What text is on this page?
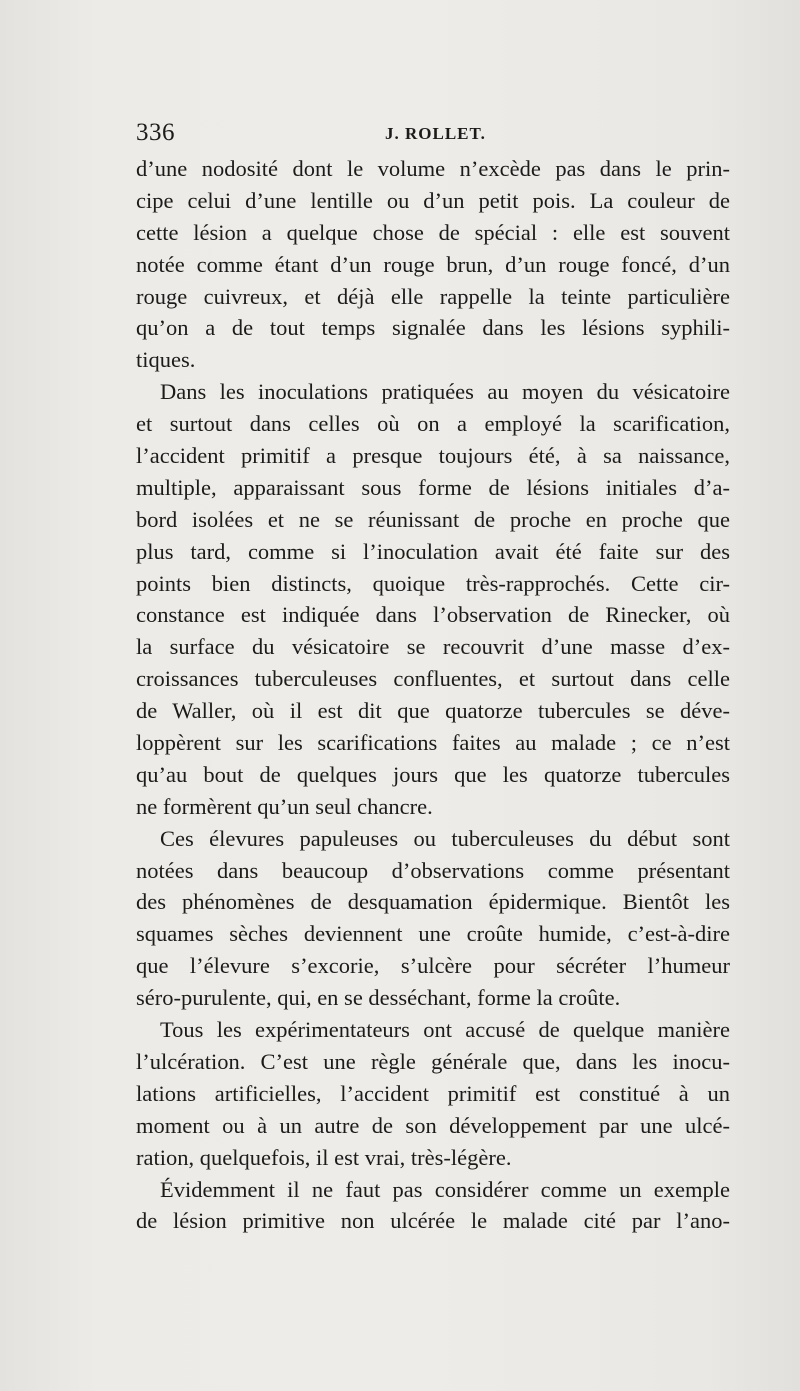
336	J. ROLLET.
d’une nodosité dont le volume n’excède pas dans le prin-
cipe celui d’une lentille ou d’un petit pois. La couleur de
cette lésion a quelque chose de spécial : elle est souvent
notée comme étant d’un rouge brun, d’un rouge foncé, d’un
rouge cuivreux, et déjà elle rappelle la teinte particulière
qu’on a de tout temps signalée dans les lésions syphili-
tiques.
Dans les inoculations pratiquées au moyen du vésicatoire
et surtout dans celles où on a employé la scarification,
l’accident primitif a presque toujours été, à sa naissance,
multiple, apparaissant sous forme de lésions initiales d’a-
bord isolées et ne se réunissant de proche en proche que
plus tard, comme si l’inoculation avait été faite sur des
points bien distincts, quoique très-rapprochés. Cette cir-
constance est indiquée dans l’observation de Rinecker, où
la surface du vésicatoire se recouvrit d’une masse d’ex-
croissances tuberculeuses confluentes, et surtout dans celle
de Waller, où il est dit que quatorze tubercules se déve-
loppèrent sur les scarifications faites au malade ; ce n’est
qu’au bout de quelques jours que les quatorze tubercules
ne formèrent qu’un seul chancre.
Ces élevures papuleuses ou tuberculeuses du début sont
notées dans beaucoup d’observations comme présentant
des phénomènes de desquamation épidermique. Bientôt les
squames sèches deviennent une croûte humide, c’est-à-dire
que l’élevure s’excorie, s’ulcère pour sécréter l’humeur
séro-purulente, qui, en se desséchant, forme la croûte.
Tous les expérimentateurs ont accusé de quelque manière
l’ulcération. C’est une règle générale que, dans les inocu-
lations artificielles, l’accident primitif est constitué à un
moment ou à un autre de son développement par une ulcé-
ration, quelquefois, il est vrai, très-légère.
Évidemment il ne faut pas considérer comme un exemple
de lésion primitive non ulcérée le malade cité par l’ano-
